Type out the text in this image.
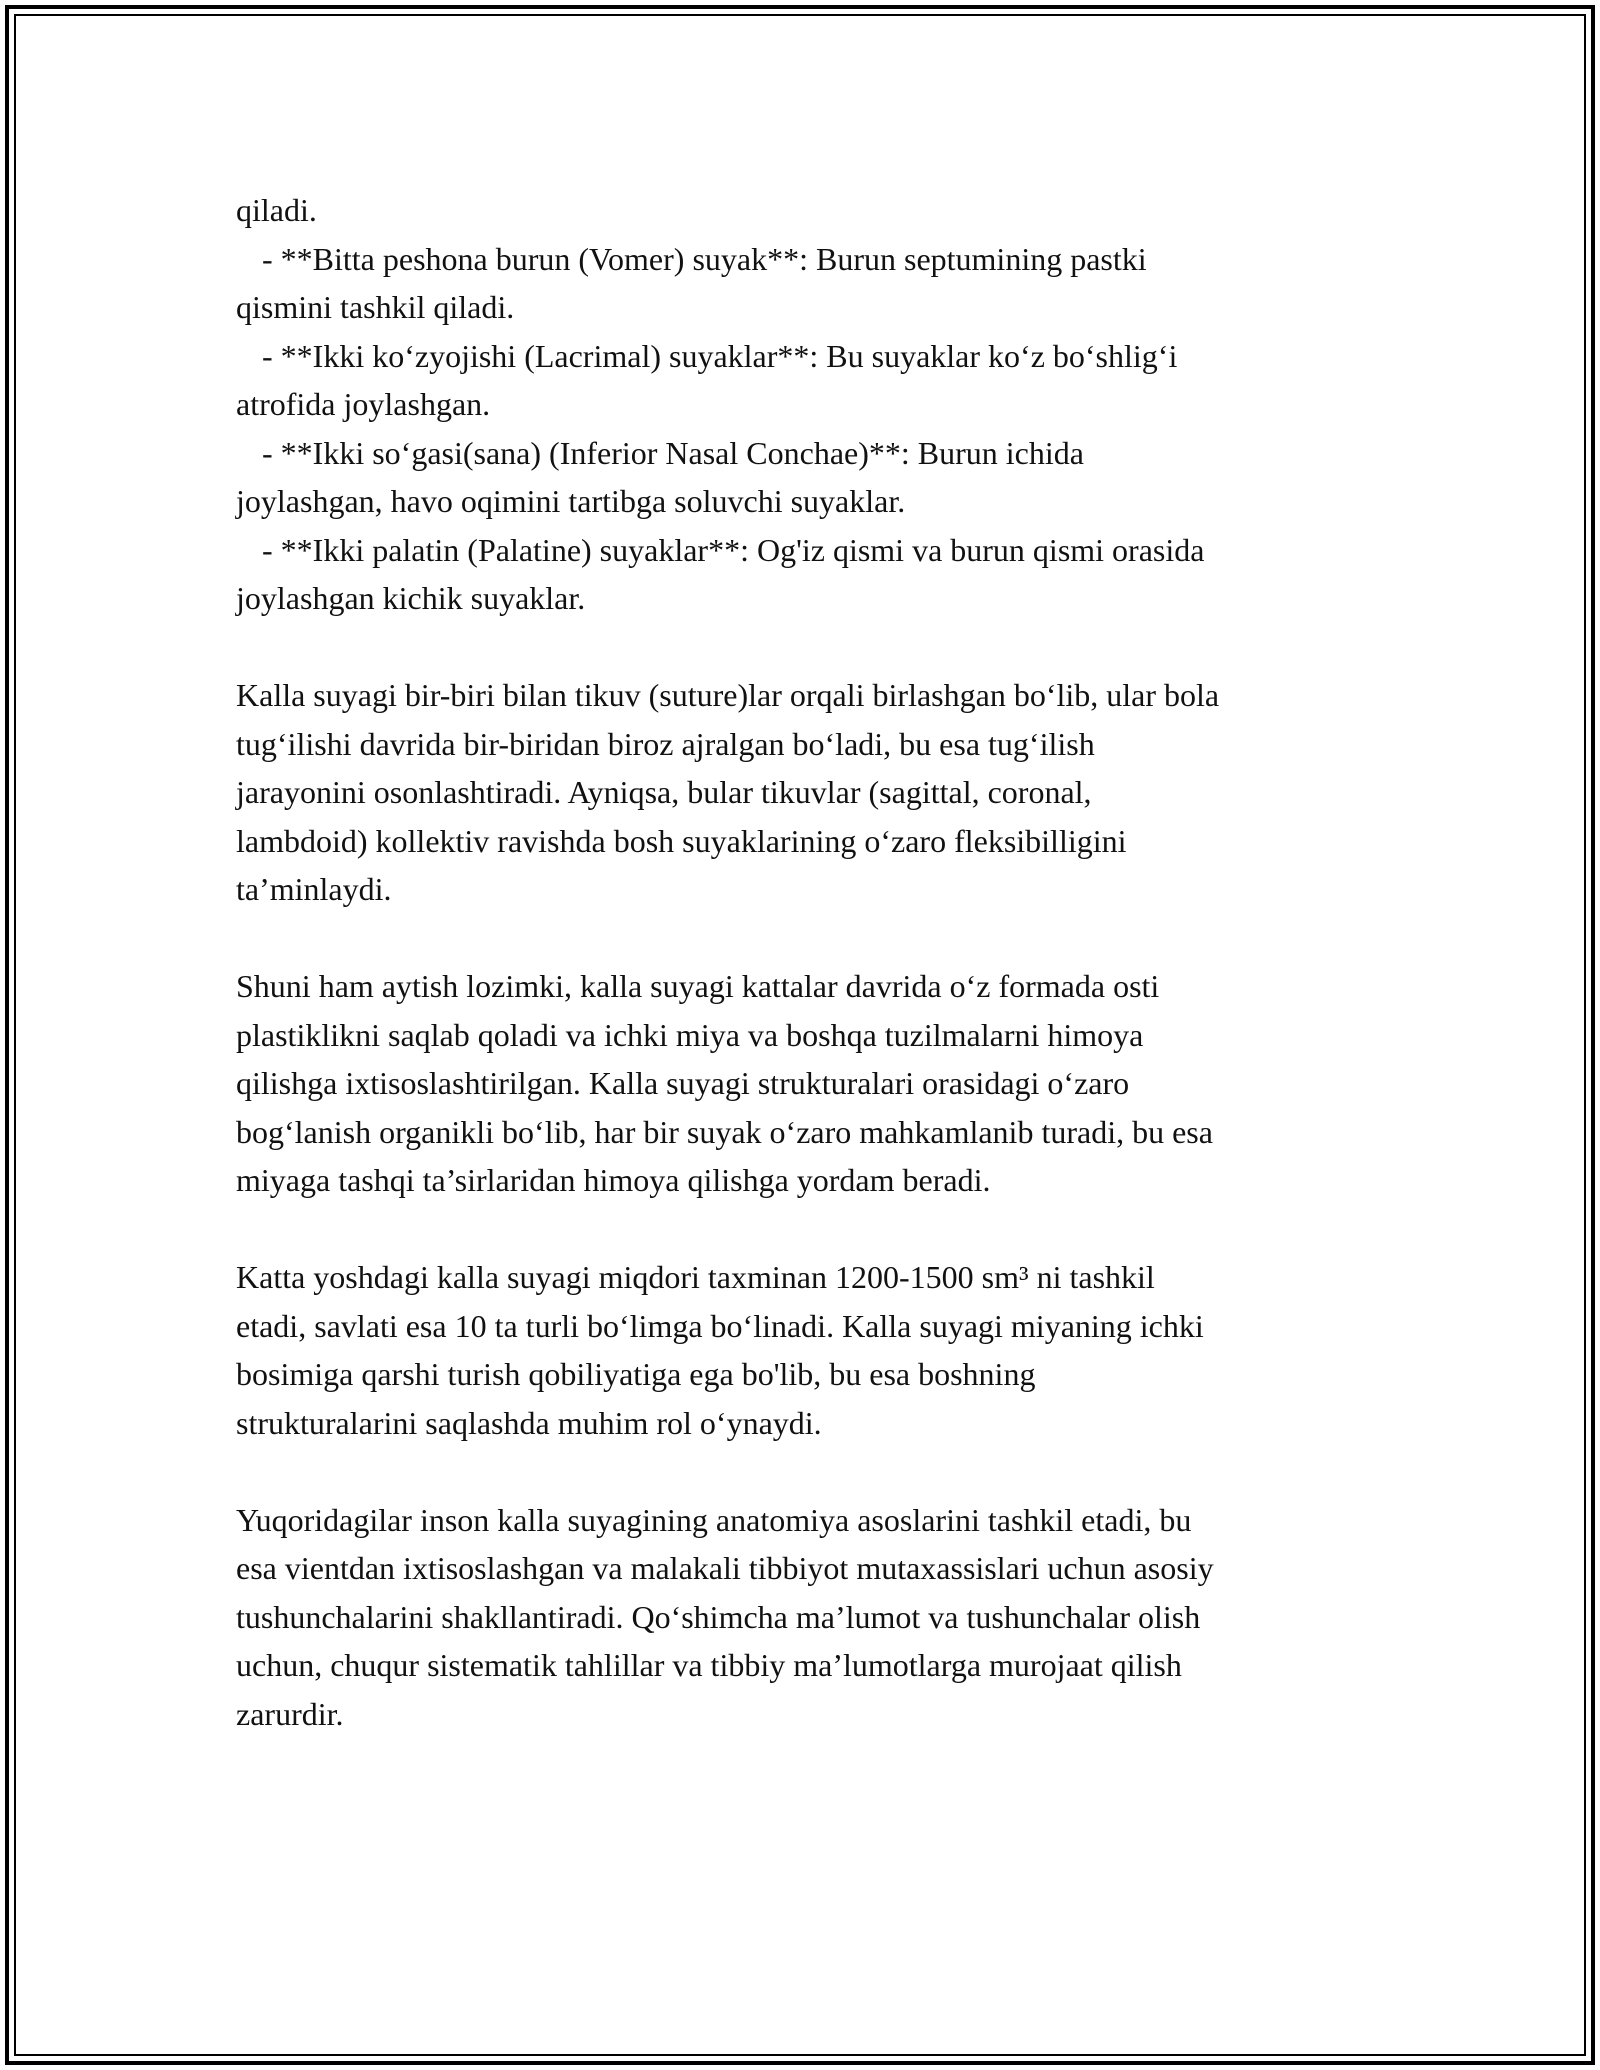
qiladi.
- **Bitta peshona burun (Vomer) suyak**: Burun septumining pastki
qismini tashkil qiladi.
- **Ikki ko‘zyojishi (Lacrimal) suyaklar**: Bu suyaklar ko‘z bo‘shlig‘i
atrofida joylashgan.
- **Ikki so‘gasi(sana) (Inferior Nasal Conchae)**: Burun ichida
joylashgan, havo oqimini tartibga soluvchi suyaklar.
- **Ikki palatin (Palatine) suyaklar**: Og'iz qismi va burun qismi orasida
joylashgan kichik suyaklar.
Kalla suyagi bir-biri bilan tikuv (suture)lar orqali birlashgan bo‘lib, ular bola
tug‘ilishi davrida bir-biridan biroz ajralgan bo‘ladi, bu esa tug‘ilish
jarayonini osonlashtiradi. Ayniqsa, bular tikuvlar (sagittal, coronal,
lambdoid) kollektiv ravishda bosh suyaklarining o‘zaro fleksibilligini
ta’minlaydi.
Shuni ham aytish lozimki, kalla suyagi kattalar davrida o‘z formada osti
plastiklikni saqlab qoladi va ichki miya va boshqa tuzilmalarni himoya
qilishga ixtisoslashtirilgan. Kalla suyagi strukturalari orasidagi o‘zaro
bog‘lanish organikli bo‘lib, har bir suyak o‘zaro mahkamlanib turadi, bu esa
miyaga tashqi ta’sirlaridan himoya qilishga yordam beradi.
Katta yoshdagi kalla suyagi miqdori taxminan 1200-1500 sm³ ni tashkil
etadi, savlati esa 10 ta turli bo‘limga bo‘linadi. Kalla suyagi miyaning ichki
bosimiga qarshi turish qobiliyatiga ega bo'lib, bu esa boshning
strukturalarini saqlashda muhim rol o‘ynaydi.
Yuqoridagilar inson kalla suyagining anatomiya asoslarini tashkil etadi, bu
esa vientdan ixtisoslashgan va malakali tibbiyot mutaxassislari uchun asosiy
tushunchalarini shakllantiradi. Qo‘shimcha ma’lumot va tushunchalar olish
uchun, chuqur sistematik tahlillar va tibbiy ma’lumotlarga murojaat qilish
zarurdir.
